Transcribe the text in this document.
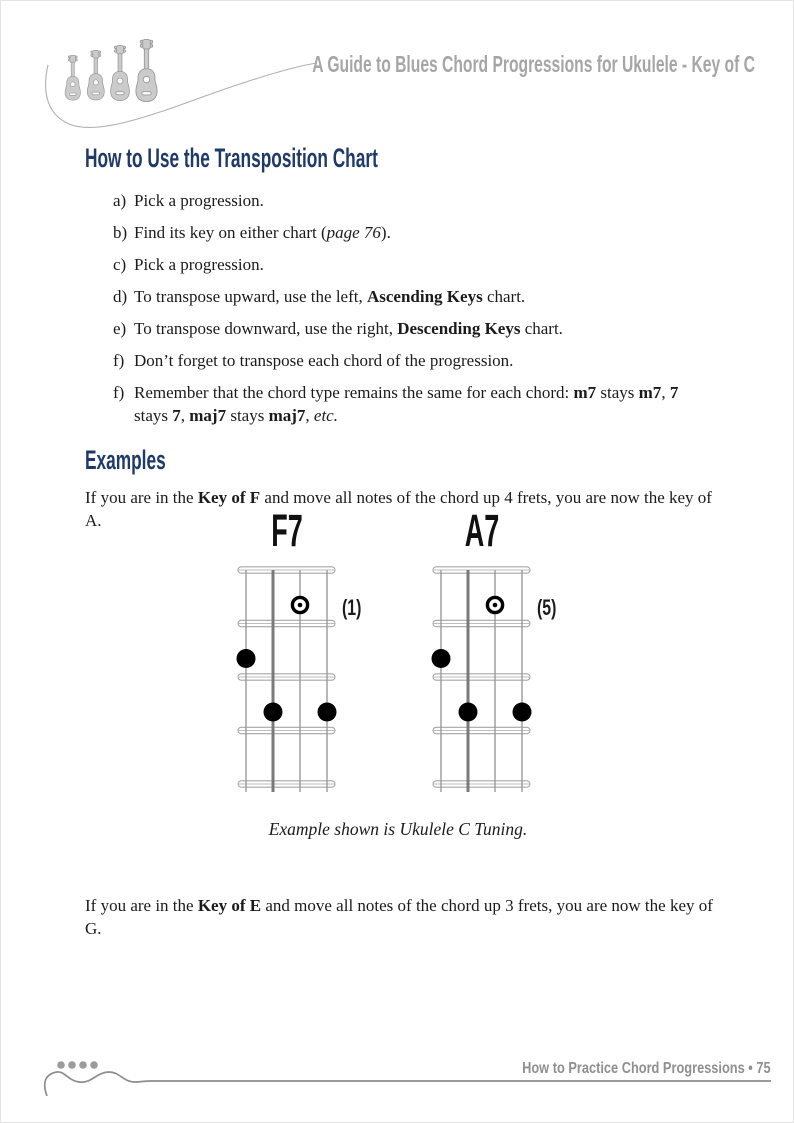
A Guide to Blues Chord Progressions for Ukulele - Key of C
How to Use the Transposition Chart
a) Pick a progression.
b) Find its key on either chart (page 76).
c) Pick a progression.
d) To transpose upward, use the left, Ascending Keys chart.
e) To transpose downward, use the right, Descending Keys chart.
f) Don’t forget to transpose each chord of the progression.
f) Remember that the chord type remains the same for each chord: m7 stays m7, 7 stays 7, maj7 stays maj7, etc.
Examples

If you are in the Key of F and move all notes of the chord up 4 frets, you are now the key of A.	F7
(1)
A7
(5)

Example shown is Ukulele C Tuning.

If you are in the Key of E and move all notes of the chord up 3 frets, you are now the key of G.

How to Practice Chord Progressions • 75
